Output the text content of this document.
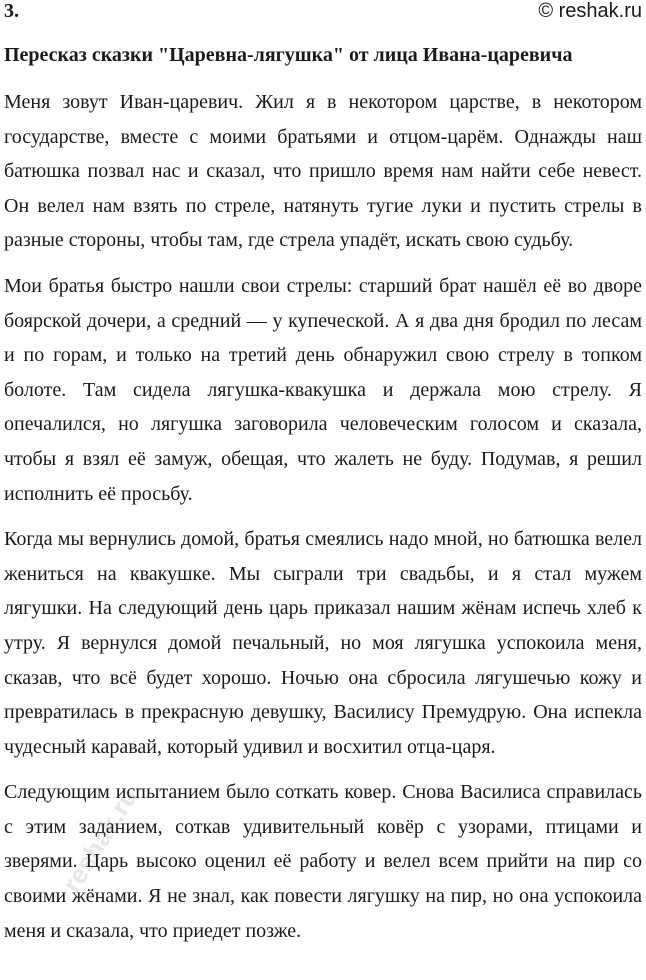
3.	© reshak.ru
Пересказ сказки "Царевна-лягушка" от лица Ивана-царевича

Меня зовут Иван-царевич. Жил я в некотором царстве, в некотором государстве, вместе с моими братьями и отцом-царём. Однажды наш батюшка позвал нас и сказал, что пришло время нам найти себе невест. Он велел нам взять по стреле, натянуть тугие луки и пустить стрелы в разные стороны, чтобы там, где стрела упадёт, искать свою судьбу.

Мои братья быстро нашли свои стрелы: старший брат нашёл её во дворе боярской дочери, а средний — у купеческой. А я два дня бродил по лесам и по горам, и только на третий день обнаружил свою стрелу в топком болоте. Там сидела лягушка-квакушка и держала мою стрелу. Я опечалился, но лягушка заговорила человеческим голосом и сказала, чтобы я взял её замуж, обещая, что жалеть не буду. Подумав, я решил исполнить её просьбу.

Когда мы вернулись домой, братья смеялись надо мной, но батюшка велел жениться на квакушке. Мы сыграли три свадьбы, и я стал мужем лягушки. На следующий день царь приказал нашим жёнам испечь хлеб к утру. Я вернулся домой печальный, но моя лягушка успокоила меня, сказав, что всё будет хорошо. Ночью она сбросила лягушечью кожу и превратилась в прекрасную девушку, Василису Премудрую. Она испекла чудесный каравай, который удивил и восхитил отца-царя.

Следующим испытанием было соткать ковер. Снова Василиса справилась с этим заданием, соткав удивительный ковёр с узорами, птицами и зверями. Царь высоко оценил её работу и велел всем прийти на пир со своими жёнами. Я не знал, как повести лягушку на пир, но она успокоила меня и сказала, что приедет позже.

reshak.ru
